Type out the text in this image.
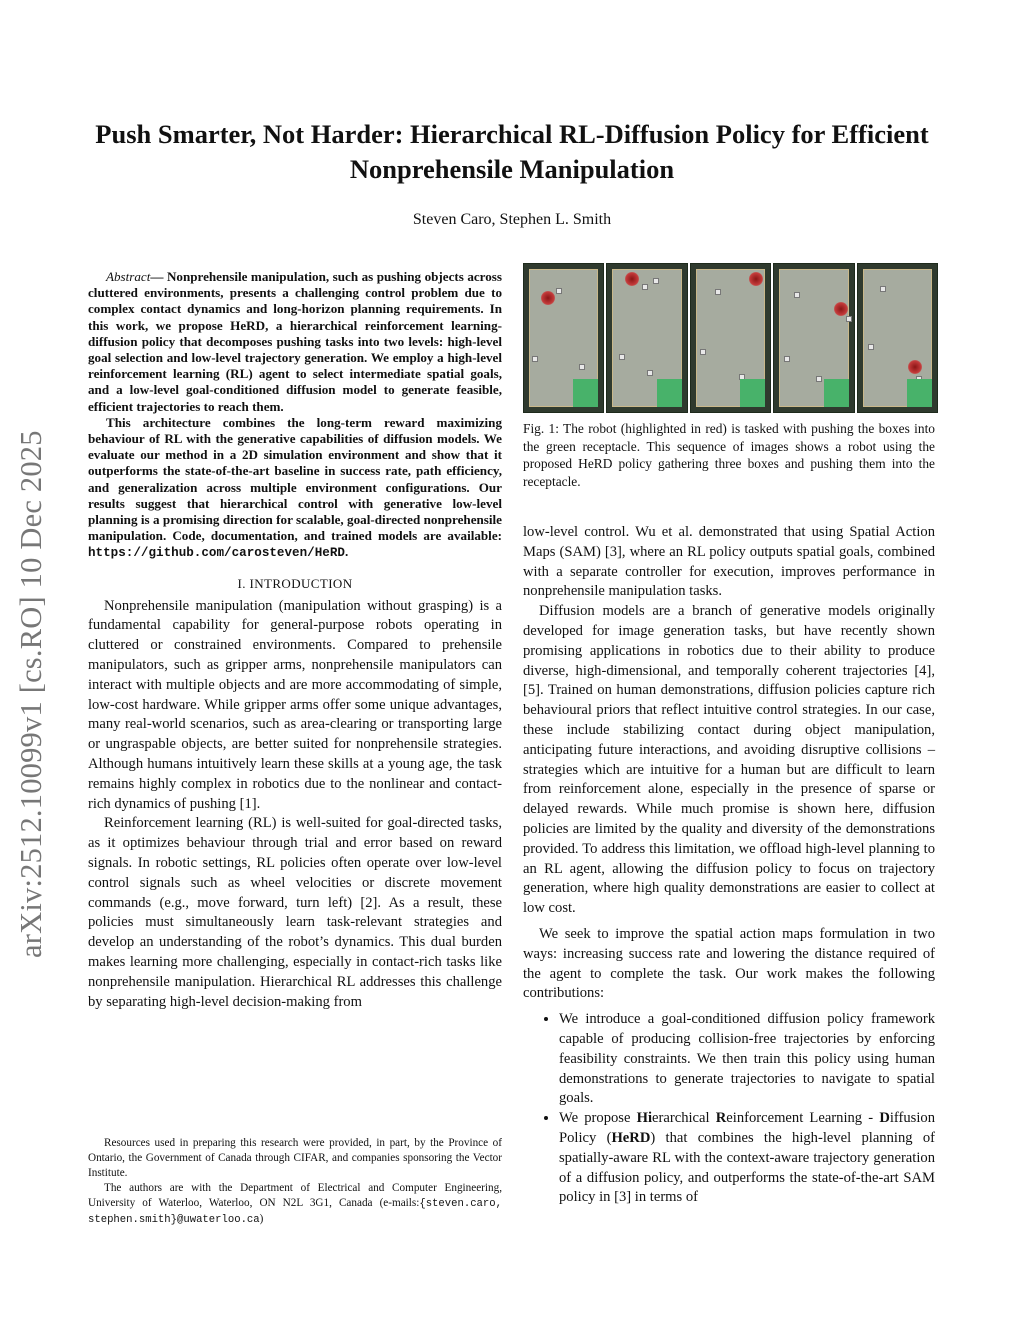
arXiv:2512.10099v1 [cs.RO] 10 Dec 2025
Push Smarter, Not Harder: Hierarchical RL-Diffusion Policy for Efficient Nonprehensile Manipulation
Steven Caro, Stephen L. Smith

Abstract— Nonprehensile manipulation, such as pushing objects across cluttered environments, presents a challenging control problem due to complex contact dynamics and long-horizon planning requirements. In this work, we propose HeRD, a hierarchical reinforcement learning-diffusion policy that decomposes pushing tasks into two levels: high-level goal selection and low-level trajectory generation. We employ a high-level reinforcement learning (RL) agent to select intermediate spatial goals, and a low-level goal-conditioned diffusion model to generate feasible, efficient trajectories to reach them.

This architecture combines the long-term reward maximizing behaviour of RL with the generative capabilities of diffusion models. We evaluate our method in a 2D simulation environment and show that it outperforms the state-of-the-art baseline in success rate, path efficiency, and generalization across multiple environment configurations. Our results suggest that hierarchical control with generative low-level planning is a promising direction for scalable, goal-directed nonprehensile manipulation. Code, documentation, and trained models are available: https://github.com/carosteven/HeRD.

I. INTRODUCTION

Nonprehensile manipulation (manipulation without grasping) is a fundamental capability for general-purpose robots operating in cluttered or constrained environments. Compared to prehensile manipulators, such as gripper arms, nonprehensile manipulators can interact with multiple objects and are more accommodating of simple, low-cost hardware. While gripper arms offer some unique advantages, many real-world scenarios, such as area-clearing or transporting large or ungraspable objects, are better suited for nonprehensile strategies. Although humans intuitively learn these skills at a young age, the task remains highly complex in robotics due to the nonlinear and contact-rich dynamics of pushing [1].

Reinforcement learning (RL) is well-suited for goal-directed tasks, as it optimizes behaviour through trial and error based on reward signals. In robotic settings, RL policies often operate over low-level control signals such as wheel velocities or discrete movement commands (e.g., move forward, turn left) [2]. As a result, these policies must simultaneously learn task-relevant strategies and develop an understanding of the robot’s dynamics. This dual burden makes learning more challenging, especially in contact-rich tasks like nonprehensile manipulation. Hierarchical RL addresses this challenge by separating high-level decision-making from

Resources used in preparing this research were provided, in part, by the Province of Ontario, the Government of Canada through CIFAR, and companies sponsoring the Vector Institute.

The authors are with the Department of Electrical and Computer Engineering, University of Waterloo, Waterloo, ON N2L 3G1, Canada (e-mails:{steven.caro, stephen.smith}@uwaterloo.ca)

Fig. 1: The robot (highlighted in red) is tasked with pushing the boxes into the green receptacle. This sequence of images shows a robot using the proposed HeRD policy gathering three boxes and pushing them into the receptacle.

low-level control. Wu et al. demonstrated that using Spatial Action Maps (SAM) [3], where an RL policy outputs spatial goals, combined with a separate controller for execution, improves performance in nonprehensile manipulation tasks.

Diffusion models are a branch of generative models originally developed for image generation tasks, but have recently shown promising applications in robotics due to their ability to produce diverse, high-dimensional, and temporally coherent trajectories [4], [5]. Trained on human demonstrations, diffusion policies capture rich behavioural priors that reflect intuitive control strategies. In our case, these include stabilizing contact during object manipulation, anticipating future interactions, and avoiding disruptive collisions – strategies which are intuitive for a human but are difficult to learn from reinforcement alone, especially in the presence of sparse or delayed rewards. While much promise is shown here, diffusion policies are limited by the quality and diversity of the demonstrations provided. To address this limitation, we offload high-level planning to an RL agent, allowing the diffusion policy to focus on trajectory generation, where high quality demonstrations are easier to collect at low cost.

We seek to improve the spatial action maps formulation in two ways: increasing success rate and lowering the distance required of the agent to complete the task. Our work makes the following contributions:

• We introduce a goal-conditioned diffusion policy framework capable of producing collision-free trajectories by enforcing feasibility constraints. We then train this policy using human demonstrations to generate trajectories to navigate to spatial goals.
• We propose Hierarchical Reinforcement Learning - Diffusion Policy (HeRD) that combines the high-level planning of spatially-aware RL with the context-aware trajectory generation of a diffusion policy, and outperforms the state-of-the-art SAM policy in [3] in terms of
